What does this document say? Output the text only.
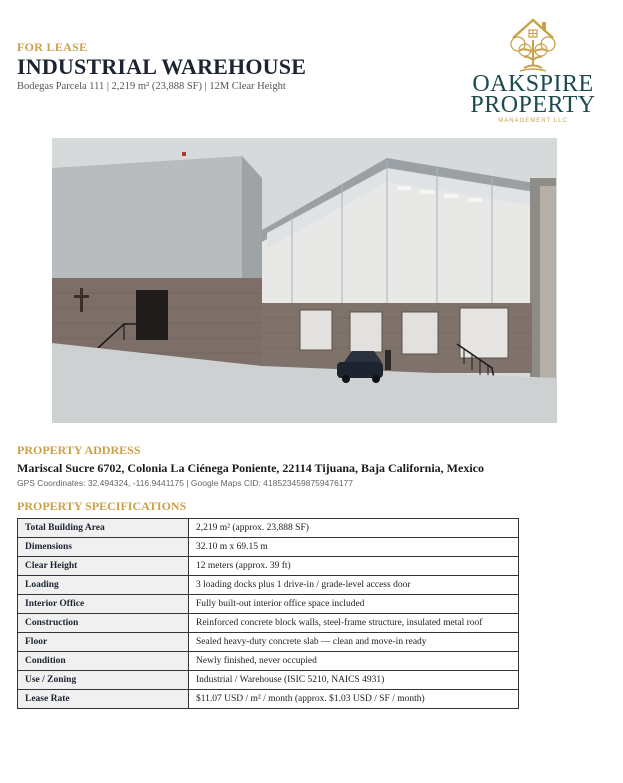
FOR LEASE
INDUSTRIAL WAREHOUSE
Bodegas Parcela 111 | 2,219 m² (23,888 SF) | 12M Clear Height	OAKSPIRE
PROPERTY
MANAGEMENT LLC
PROPERTY ADDRESS
Mariscal Sucre 6702, Colonia La Ciénega Poniente, 22114 Tijuana, Baja California, Mexico
GPS Coordinates: 32.494324, -116.9441175 | Google Maps CID: 4185234598759476177
PROPERTY SPECIFICATIONS
Total Building Area	2,219 m² (approx. 23,888 SF)
Dimensions	32.10 m x 69.15 m
Clear Height	12 meters (approx. 39 ft)
Loading	3 loading docks plus 1 drive-in / grade-level access door
Interior Office	Fully built-out interior office space included
Construction	Reinforced concrete block walls, steel-frame structure, insulated metal roof
Floor	Sealed heavy-duty concrete slab — clean and move-in ready
Condition	Newly finished, never occupied
Use / Zoning	Industrial / Warehouse (ISIC 5210, NAICS 4931)
Lease Rate	$11.07 USD / m² / month (approx. $1.03 USD / SF / month)
